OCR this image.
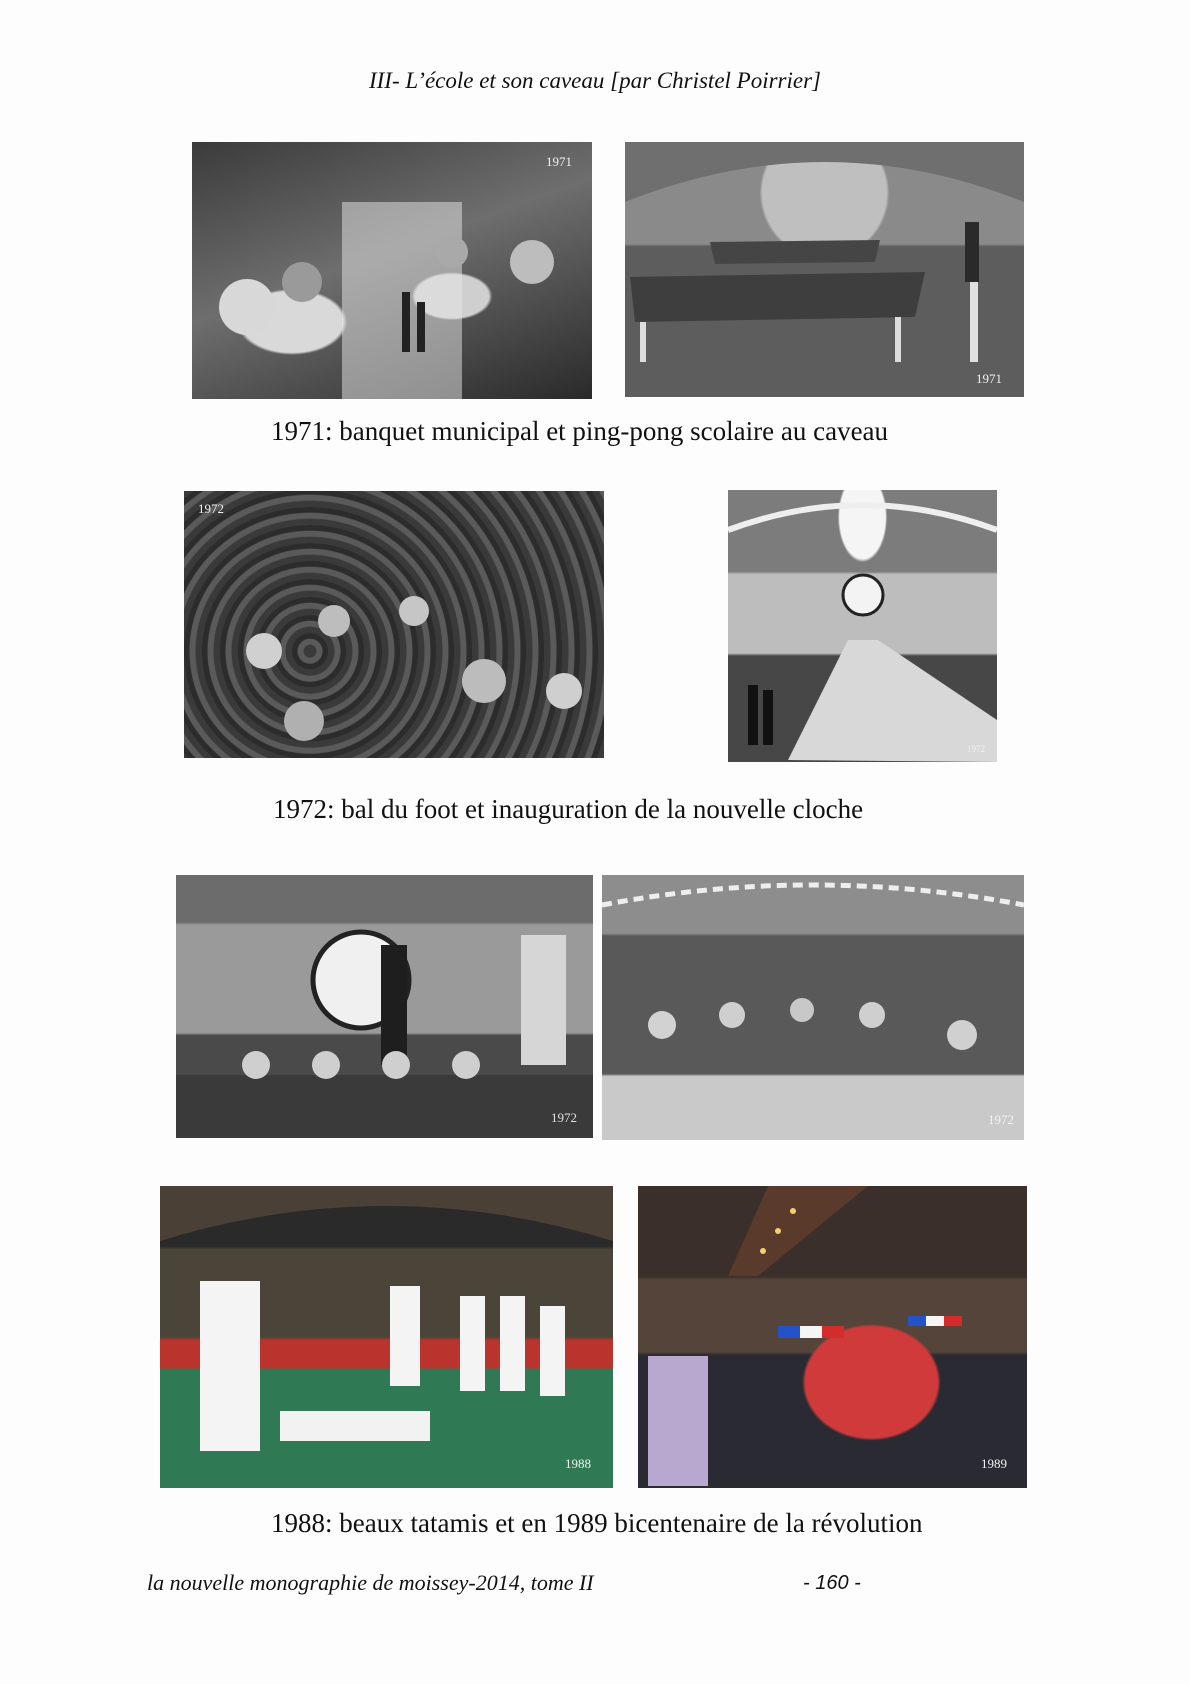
III- L’école et son caveau [par Christel Poirrier]
1971
1971
1971: banquet municipal et ping-pong scolaire au caveau
1972
1972
1972: bal du foot et inauguration de la nouvelle cloche
1972	1972
1988	1989
1988: beaux tatamis et en 1989 bicentenaire de la révolution
la nouvelle monographie de moissey-2014, tome II	- 160 -
